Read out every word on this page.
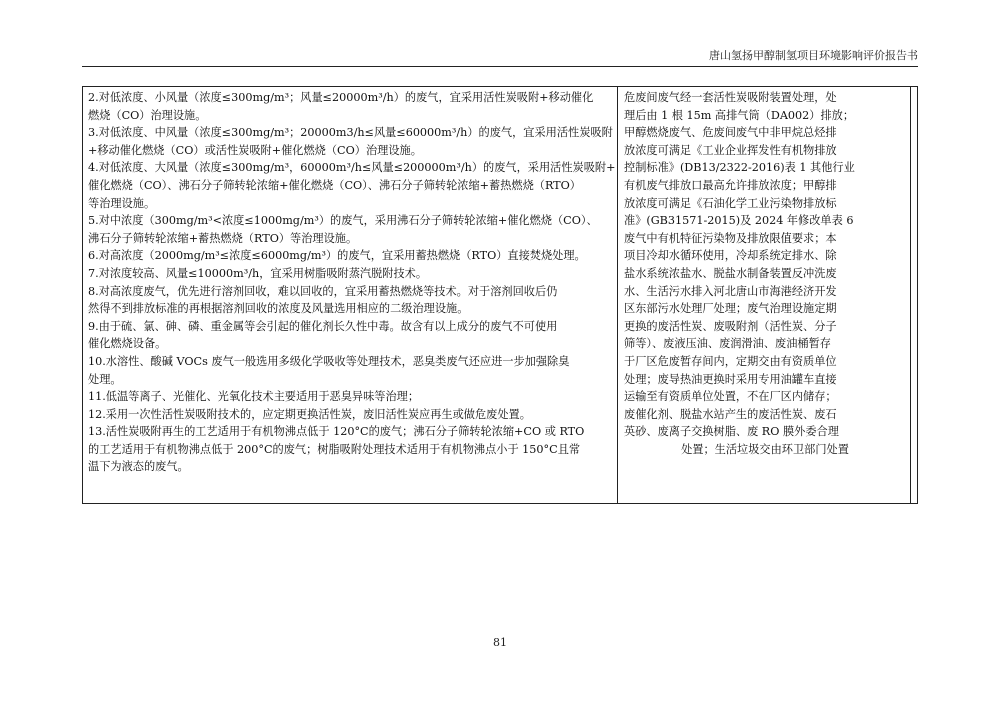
唐山氢扬甲醇制氢项目环境影响评价报告书
2.对低浓度、小风量（浓度≤300mg/m³；风量≤20000m³/h）的废气，宜采用活性炭吸附+移动催化
燃烧（CO）治理设施。
3.对低浓度、中风量（浓度≤300mg/m³；20000m3/h≤风量≤60000m³/h）的废气，宜采用活性炭吸附
+移动催化燃烧（CO）或活性炭吸附+催化燃烧（CO）治理设施。
4.对低浓度、大风量（浓度≤300mg/m³，60000m³/h≤风量≤200000m³/h）的废气，采用活性炭吸附+
催化燃烧（CO）、沸石分子筛转轮浓缩+催化燃烧（CO）、沸石分子筛转轮浓缩+蓄热燃烧（RTO）
等治理设施。
5.对中浓度（300mg/m³<浓度≤1000mg/m³）的废气，采用沸石分子筛转轮浓缩+催化燃烧（CO）、
沸石分子筛转轮浓缩+蓄热燃烧（RTO）等治理设施。
6.对高浓度（2000mg/m³≤浓度≤6000mg/m³）的废气，宜采用蓄热燃烧（RTO）直接焚烧处理。
7.对浓度较高、风量≤10000m³/h，宜采用树脂吸附蒸汽脱附技术。
8.对高浓度废气，优先进行溶剂回收，难以回收的，宜采用蓄热燃烧等技术。对于溶剂回收后仍
然得不到排放标准的再根据溶剂回收的浓度及风量选用相应的二级治理设施。
9.由于硫、氯、砷、磷、重金属等会引起的催化剂长久性中毒。故含有以上成分的废气不可使用
催化燃烧设备。
10.水溶性、酸碱 VOCs 废气一般选用多级化学吸收等处理技术，恶臭类废气还应进一步加强除臭
处理。
11.低温等离子、光催化、光氧化技术主要适用于恶臭异味等治理；
12.采用一次性活性炭吸附技术的，应定期更换活性炭，废旧活性炭应再生或做危废处置。
13.活性炭吸附再生的工艺适用于有机物沸点低于 120°C的废气；沸石分子筛转轮浓缩+CO 或 RTO
的工艺适用于有机物沸点低于 200°C的废气；树脂吸附处理技术适用于有机物沸点小于 150°C且常
温下为液态的废气。
危废间废气经一套活性炭吸附装置处理，处
理后由 1 根 15m 高排气筒（DA002）排放；
甲醇燃烧废气、危废间废气中非甲烷总烃排
放浓度可满足《工业企业挥发性有机物排放
控制标准》(DB13/2322-2016)表 1 其他行业
有机废气排放口最高允许排放浓度；甲醇排
放浓度可满足《石油化学工业污染物排放标
准》(GB31571-2015)及 2024 年修改单表 6
废气中有机特征污染物及排放限值要求；本
项目冷却水循环使用，冷却系统定排水、除
盐水系统浓盐水、脱盐水制备装置反冲洗废
水、生活污水排入河北唐山市海港经济开发
区东部污水处理厂处理；废气治理设施定期
更换的废活性炭、废吸附剂（活性炭、分子
筛等）、废液压油、废润滑油、废油桶暂存
于厂区危废暂存间内，定期交由有资质单位
处理；废导热油更换时采用专用油罐车直接
运输至有资质单位处置，不在厂区内储存；
废催化剂、脱盐水站产生的废活性炭、废石
英砂、废离子交换树脂、废 RO 膜外委合理
处置；生活垃圾交由环卫部门处置
81
